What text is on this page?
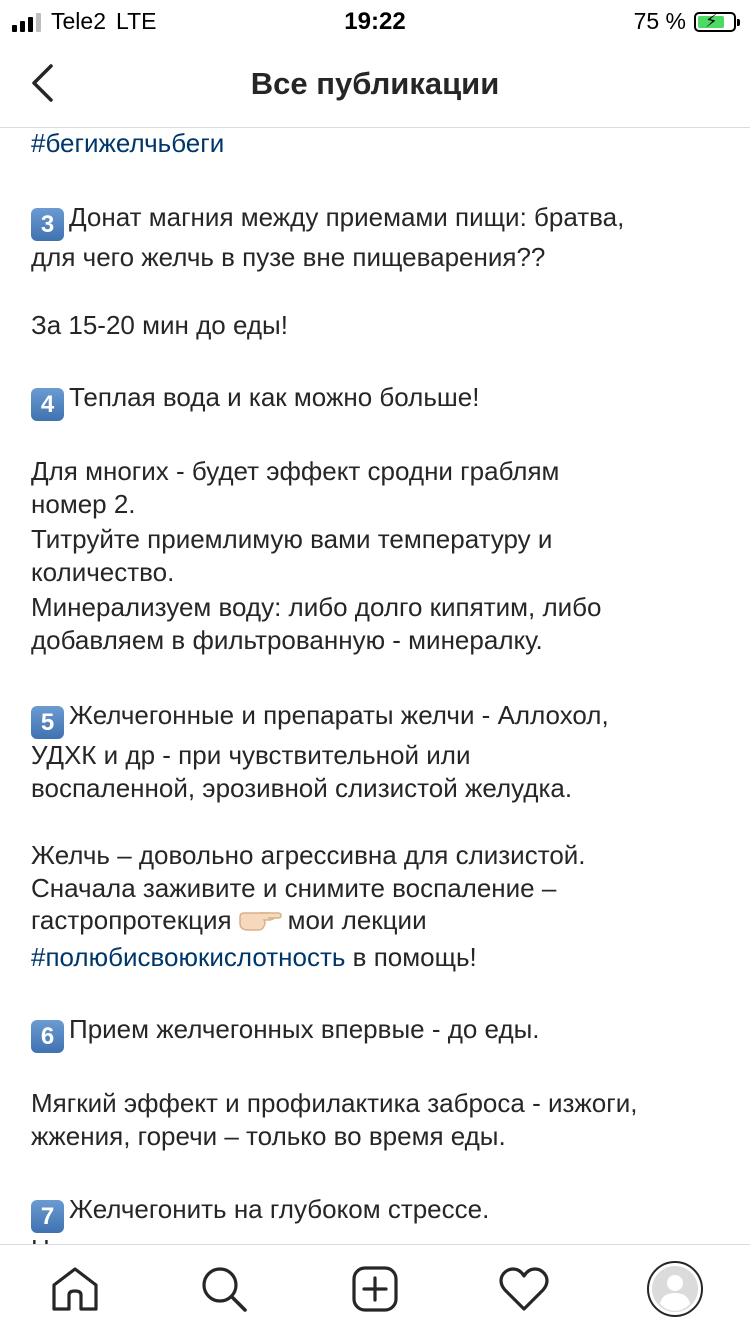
Tele2 LTE	19:22	75 % ⚡
Все публикации
#бегижелчьбеги
3 Донат магния между приемами пищи: братва,
для чего желчь в пузе вне пищеварения??
За 15-20 мин до еды!
4 Теплая вода и как можно больше!
Для многих - будет эффект сродни граблям
номер 2.
Титруйте приемлимую вами температуру и
количество.
Минерализуем воду: либо долго кипятим, либо
добавляем в фильтрованную - минералку.
5 Желчегонные и препараты желчи - Аллохол,
УДХК и др - при чувствительной или
воспаленной, эрозивной слизистой желудка.
Желчь – довольно агрессивна для слизистой.
Сначала заживите и снимите воспаление –
гастропротекция мои лекции
#полюбисвоюкислотность в помощь!
6 Прием желчегонных впервые - до еды.
Мягкий эффект и профилактика заброса - изжоги,
жжения, горечи – только во время еды.
7 Желчегонить на глубоком стрессе.
